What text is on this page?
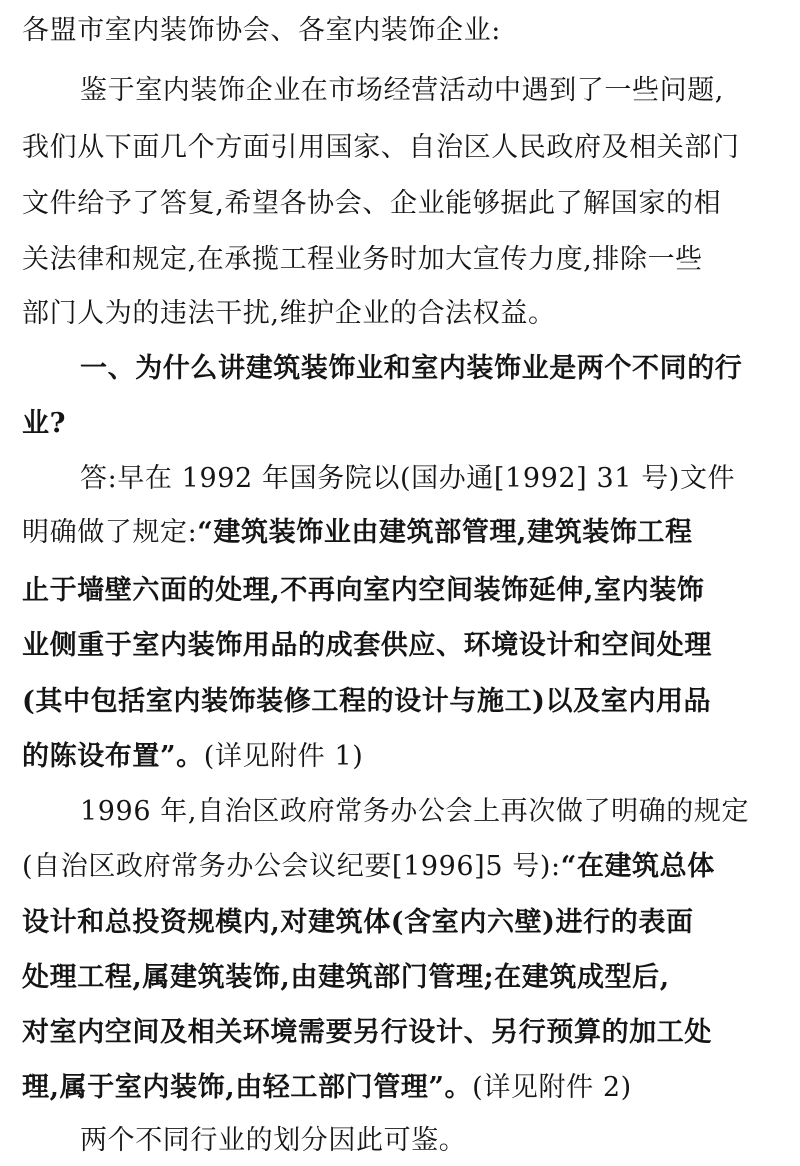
各盟市室内装饰协会、各室内装饰企业:
鉴于室内装饰企业在市场经营活动中遇到了一些问题,
我们从下面几个方面引用国家、自治区人民政府及相关部门
文件给予了答复,希望各协会、企业能够据此了解国家的相
关法律和规定,在承揽工程业务时加大宣传力度,排除一些
部门人为的违法干扰,维护企业的合法权益。
一、为什么讲建筑装饰业和室内装饰业是两个不同的行
业?
答:早在 1992 年国务院以(国办通[1992] 31 号)文件
明确做了规定:“建筑装饰业由建筑部管理,建筑装饰工程
止于墙壁六面的处理,不再向室内空间装饰延伸,室内装饰
业侧重于室内装饰用品的成套供应、环境设计和空间处理
(其中包括室内装饰装修工程的设计与施工)以及室内用品
的陈设布置”。(详见附件 1)
1996 年,自治区政府常务办公会上再次做了明确的规定
(自治区政府常务办公会议纪要[1996]5 号):“在建筑总体
设计和总投资规模内,对建筑体(含室内六壁)进行的表面
处理工程,属建筑装饰,由建筑部门管理;在建筑成型后,
对室内空间及相关环境需要另行设计、另行预算的加工处
理,属于室内装饰,由轻工部门管理”。(详见附件 2)
两个不同行业的划分因此可鉴。
